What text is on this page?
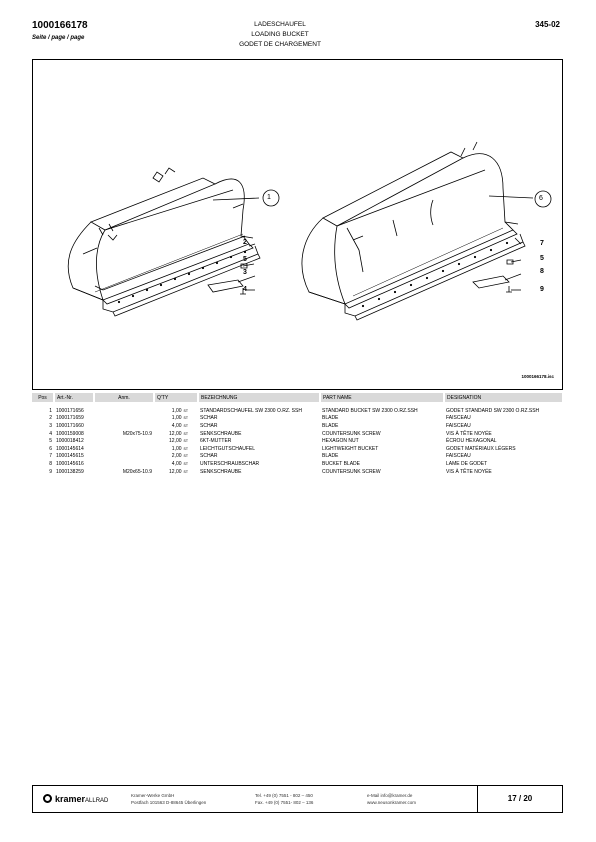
1000166178
Seite / page / page
LADESCHAUFEL
LOADING BUCKET
GODET DE CHARGEMENT
345-02
1
2
3
4
5
6
7
8
9
5
1000166178.isc
Pos	Art.-Nr.	Anm.	Q'TY	BEZEICHNUNG	PART NAME	DESIGNATION

1	1000171656		1,00 ST	STANDARDSCHAUFEL SW 2300 O.RZ. SSH	STANDARD BUCKET SW 2300 O.RZ.SSH	GODET STANDARD SW 2300 O.RZ.SSH
2	1000171659		1,00 ST	SCHAR	BLADE	FAISCEAU
3	1000171660		4,00 ST	SCHAR	BLADE	FAISCEAU
4	1000159008	M20x75-10.9	12,00 ST	SENKSCHRAUBE	COUNTERSUNK SCREW	VIS À TÊTE NOYÉE
5	1000018412		12,00 ST	6KT-MUTTER	HEXAGON NUT	ÉCROU HEXAGONAL
6	1000145614		1,00 ST	LEICHTGUTSCHAUFEL	LIGHTWEIGHT BUCKET	GODET MATÉRIAUX LÉGERS
7	1000145615		2,00 ST	SCHAR	BLADE	FAISCEAU
8	1000145616		4,00 ST	UNTERSCHRAUBSCHAR	BUCKET BLADE	LAME DE GODET
9	1000138259	M20x65-10.9	12,00 ST	SENKSCHRAUBE	COUNTERSUNK SCREW	VIS À TÊTE NOYÉE
kramerALLRAD
Kramer-Werke GmbH
Postfach 101563 D-88645 Überlingen
Tel. +49 (0) 7551 - 802 – 450
Fax. +49 (0) 7551- 802 – 136
e-Mail info@kramer.de
www.neusonkramer.com	17 / 20
